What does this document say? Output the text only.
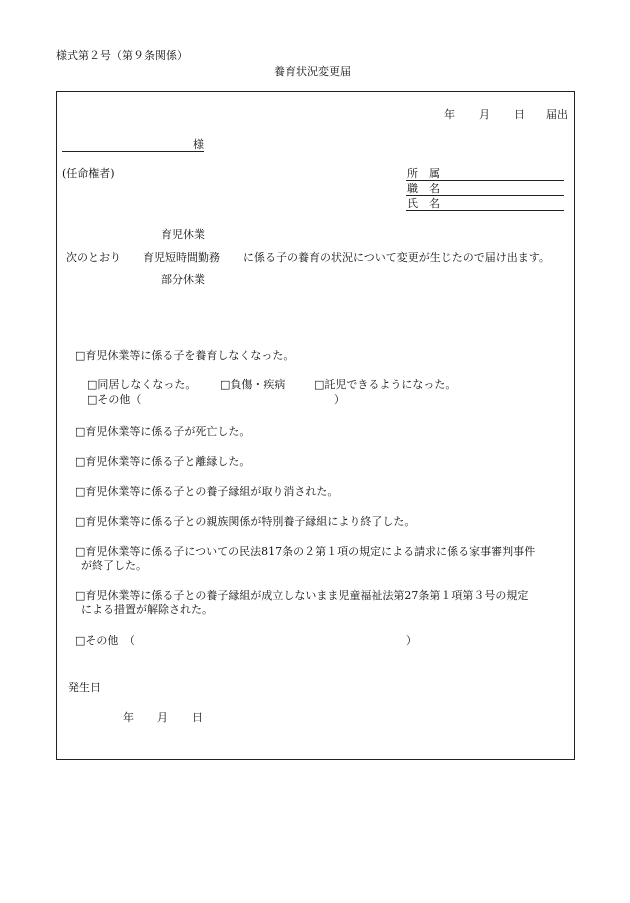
様式第２号（第９条関係）
養育状況変更届
年 月 日 届出
様
(任命権者)	所　属
職　名
氏　名
育児休業
次のとおり 育児短時間勤務 に係る子の養育の状況について変更が生じたので届け出ます。
部分休業
□育児休業等に係る子を養育しなくなった。
□同居しなくなった。 □負傷・疾病	□託児できるようになった。
□その他（	）
□育児休業等に係る子が死亡した。
□育児休業等に係る子と離縁した。
□育児休業等に係る子との養子縁組が取り消された。
□育児休業等に係る子との親族関係が特別養子縁組により終了した。
□育児休業等に係る子についての民法817条の２第１項の規定による請求に係る家事審判事件
が終了した。
□育児休業等に係る子との養子縁組が成立しないまま児童福祉法第27条第１項第３号の規定
による措置が解除された。
□その他　（	）
発生日
年 月 日
